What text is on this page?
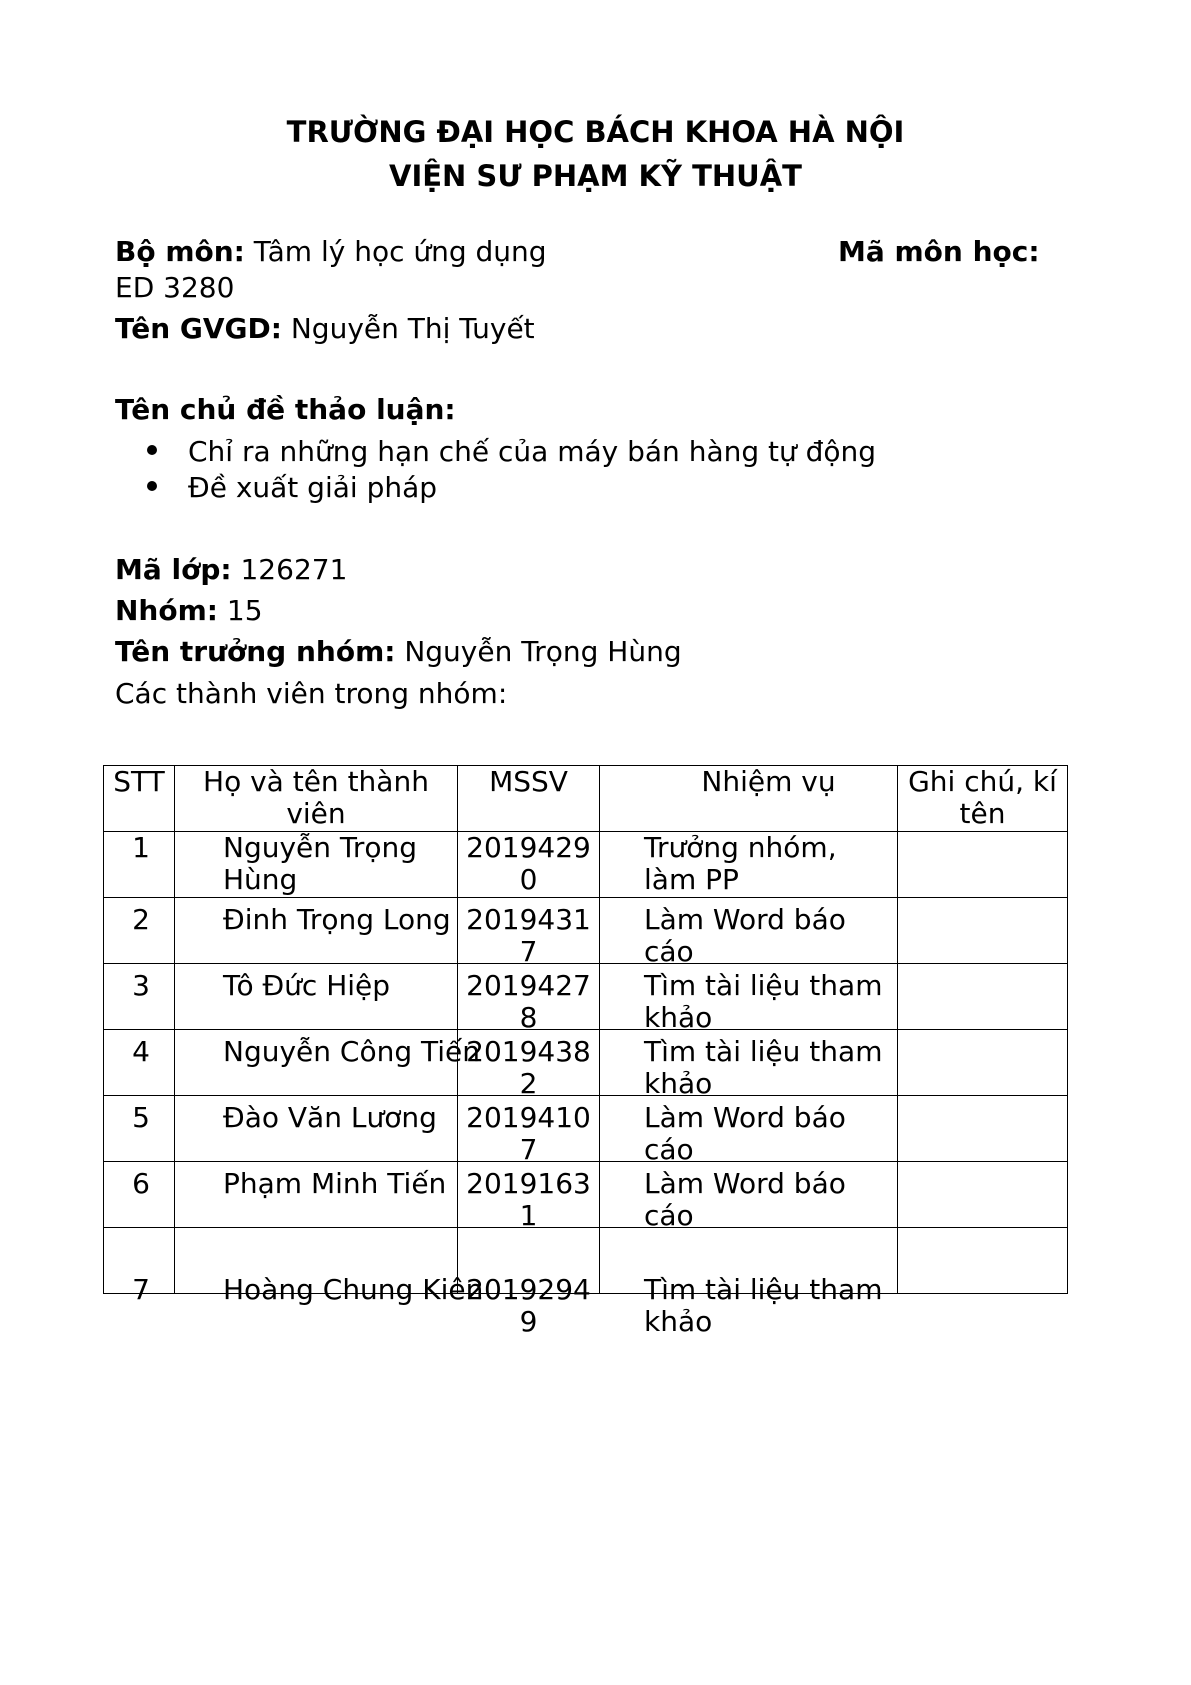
TRƯỜNG ĐẠI HỌC BÁCH KHOA HÀ NỘI
VIỆN SƯ PHẠM KỸ THUẬT
Bộ môn: Tâm lý học ứng dụng	Mã môn học:
ED 3280
Tên GVGD: Nguyễn Thị Tuyết
Tên chủ đề thảo luận:
Chỉ ra những hạn chế của máy bán hàng tự động
Đề xuất giải pháp
Mã lớp: 126271
Nhóm: 15
Tên trưởng nhóm: Nguyễn Trọng Hùng
Các thành viên trong nhóm:
STT	Họ và tên thành viên	MSSV	Nhiệm vụ	Ghi chú, kí tên

1	Nguyễn Trọng Hùng	20194290	Trưởng nhóm, làm PP	

2	Đinh Trọng Long	20194317	Làm Word báo cáo	

3	Tô Đức Hiệp	20194278	Tìm tài liệu tham khảo	

4	Nguyễn Công Tiến	20194382	Tìm tài liệu tham khảo	

5	Đào Văn Lương	20194107	Làm Word báo cáo	

6	Phạm Minh Tiến	20191631	Làm Word báo cáo	

7	Hoàng Chung Kiên	20192949	Tìm tài liệu tham khảo	
